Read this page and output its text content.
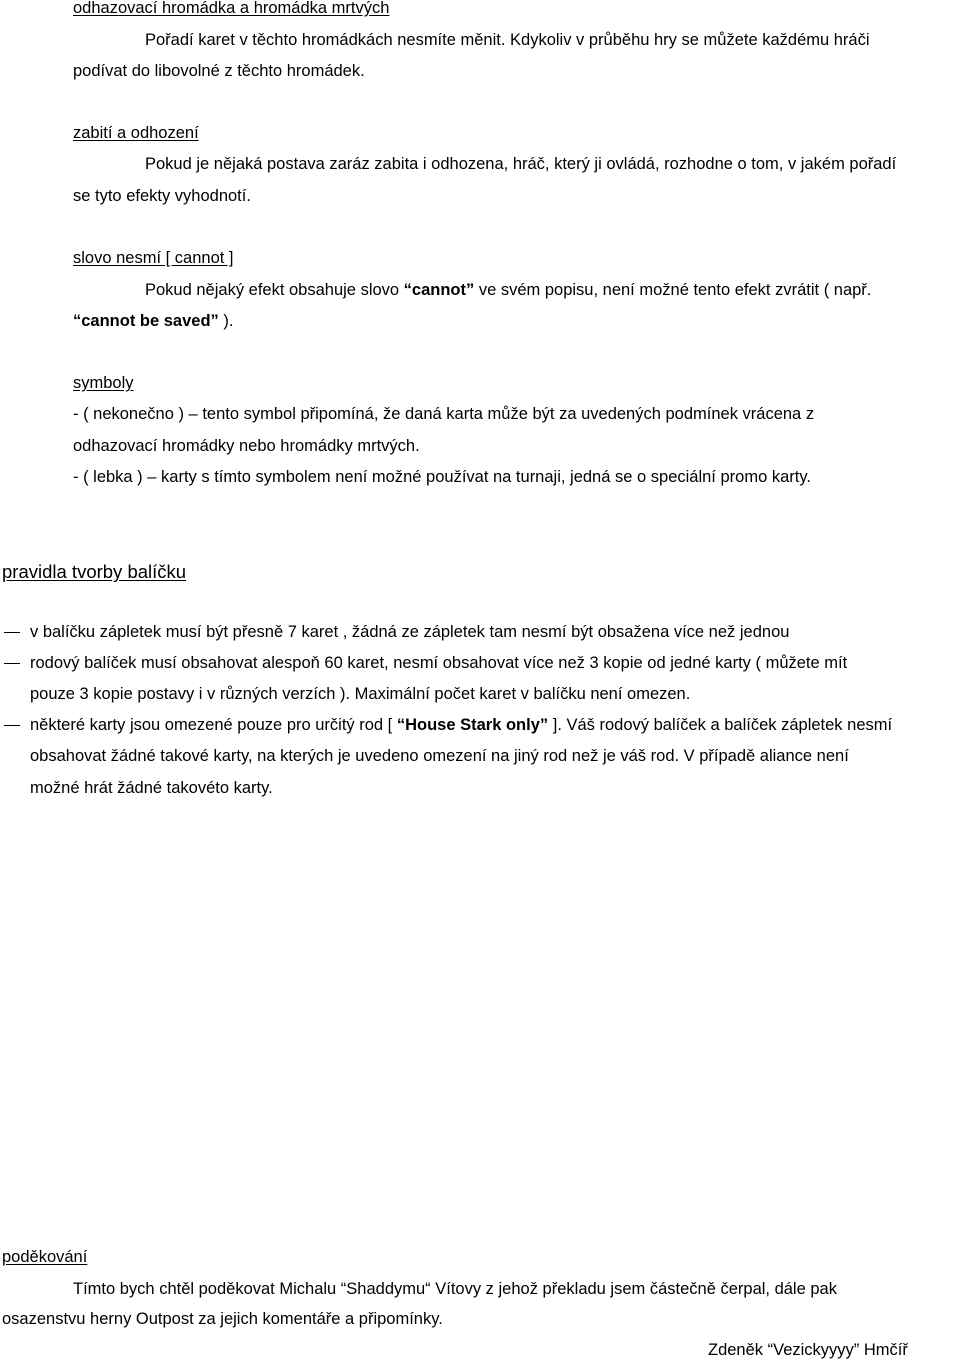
odhazovací hromádka a hromádka mrtvých
Pořadí karet v těchto hromádkách nesmíte měnit. Kdykoliv v průběhu hry se můžete každému hráči
podívat do libovolné z těchto hromádek.
zabití a odhození
Pokud je nějaká postava zaráz zabita i odhozena, hráč, který ji ovládá, rozhodne o tom, v jakém pořadí
se tyto efekty vyhodnotí.
slovo nesmí [ cannot ]
Pokud nějaký efekt obsahuje slovo “cannot” ve svém popisu, není možné tento efekt zvrátit ( např.
“cannot be saved” ).
symboly
- ( nekonečno ) – tento symbol připomíná, že daná karta může být za uvedených podmínek vrácena z
odhazovací hromádky nebo hromádky mrtvých.
- ( lebka ) – karty s tímto symbolem není možné používat na turnaji, jedná se o speciální promo karty.
pravidla tvorby balíčku
v balíčku zápletek musí být přesně 7 karet , žádná ze zápletek tam nesmí být obsažena více než jednou
rodový balíček musí obsahovat alespoň 60 karet, nesmí obsahovat více než 3 kopie od jedné karty ( můžete mít
pouze 3 kopie postavy i v různých verzích ). Maximální počet karet v balíčku není omezen.
některé karty jsou omezené pouze pro určitý rod [ “House Stark only” ]. Váš rodový balíček a balíček zápletek nesmí
obsahovat žádné takové karty, na kterých je uvedeno omezení na jiný rod než je váš rod. V případě aliance není
možné hrát žádné takovéto karty.
poděkování
Tímto bych chtěl poděkovat Michalu “Shaddymu“ Vítovy z jehož překladu jsem částečně čerpal, dále pak
osazenstvu herny Outpost za jejich komentáře a připomínky.
Zdeněk “Vezickyyyy” Hmčíř
